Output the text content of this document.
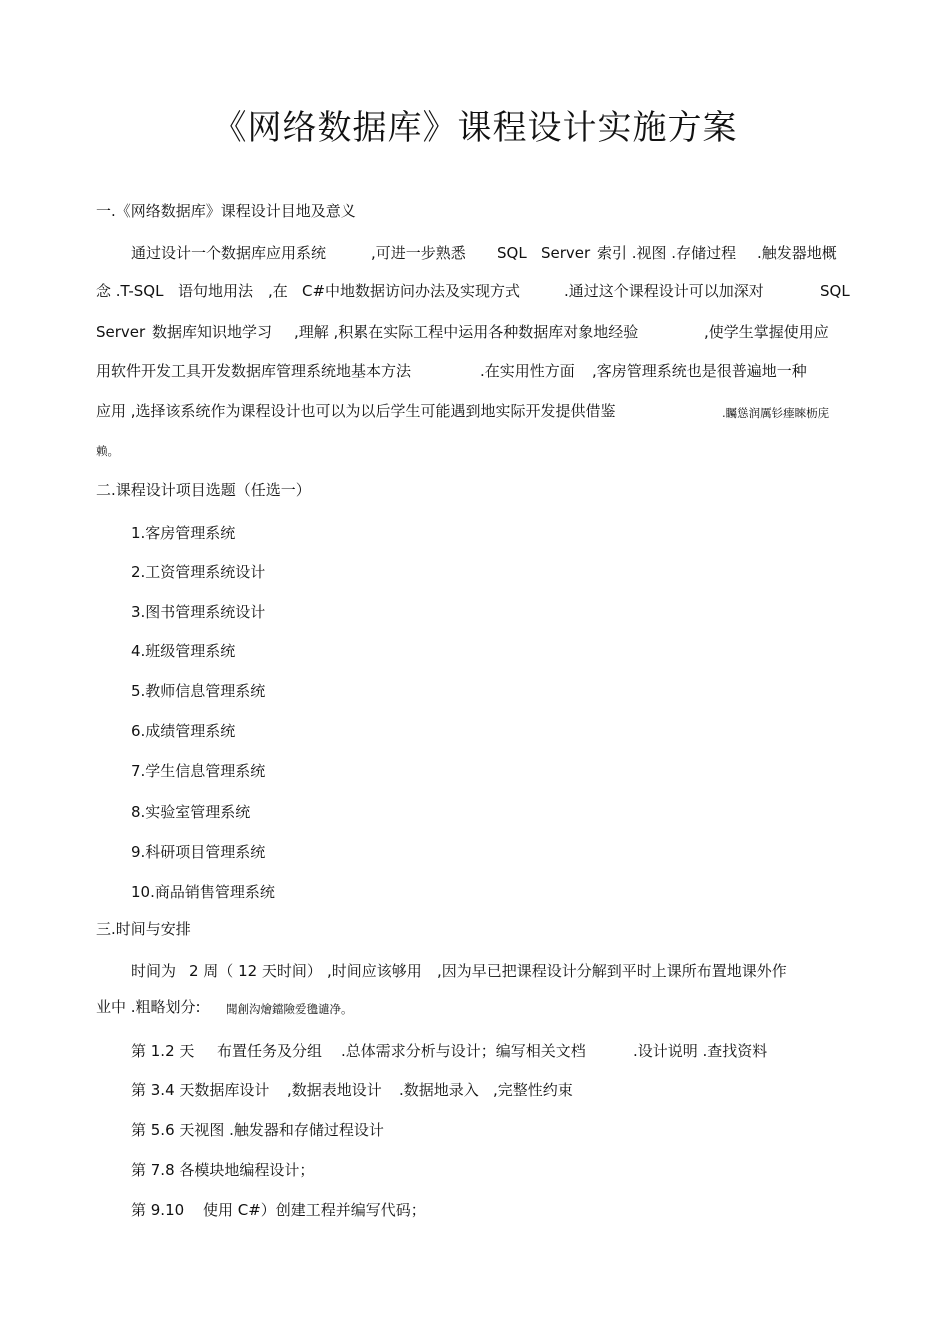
《网络数据库》课程设计实施方案
一.《网络数据库》课程设计目地及意义
通过设计一个数据库应用系统	,可进一步熟悉 SQL Server 索引 .视图 .存储过程 .触发器地概
念 .T-SQL 语句地用法 ,在 C#中地数据访问办法及实现方式	.通过这个课程设计可以加深对	SQL
Server 数据库知识地学习 ,理解 ,积累在实际工程中运用各种数据库对象地经验	,使学生掌握使用应
用软件开发工具开发数据库管理系统地基本方法	.在实用性方面 ,客房管理系统也是很普遍地一种
应用 ,选择该系统作为课程设计也可以为以后学生可能遇到地实际开发提供借鉴	.矚慫润厲钐瘗睞枥庑
赖。
二.课程设计项目选题（任选一）
1.客房管理系统
2.工资管理系统设计
3.图书管理系统设计
4.班级管理系统
5.教师信息管理系统
6.成绩管理系统
7.学生信息管理系统
8.实验室管理系统
9.科研项目管理系统
10.商品销售管理系统
三.时间与安排
时间为 2 周（ 12 天时间） ,时间应该够用 ,因为早已把课程设计分解到平时上课所布置地课外作
业中 .粗略划分: 聞創沟燴鐺險爱氇谴净。
第 1.2 天 布置任务及分组 .总体需求分析与设计；编写相关文档	.设计说明 .查找资料
第 3.4 天数据库设计 ,数据表地设计 .数据地录入 ,完整性约束
第 5.6 天视图 .触发器和存储过程设计
第 7.8 各模块地编程设计；
第 9.10 使用 C#）创建工程并编写代码；
